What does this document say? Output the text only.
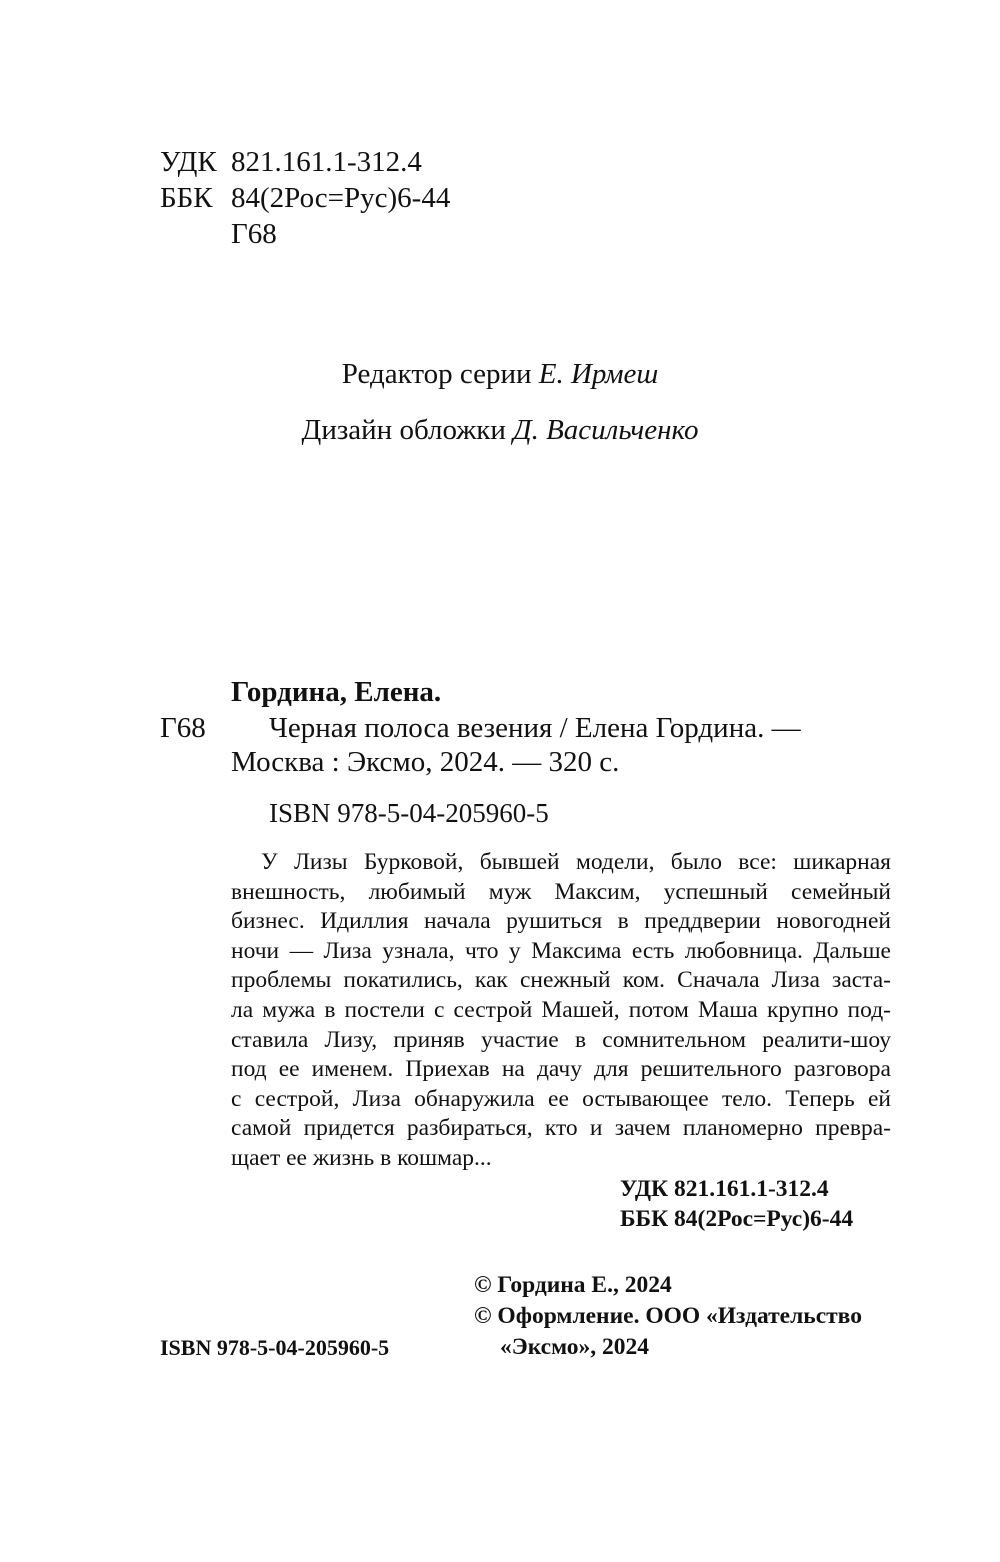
УДК 821.161.1-312.4
ББК 84(2Рос=Рус)6-44
Г68
Редактор серии Е. Ирмеш
Дизайн обложки Д. Васильченко
Гордина, Елена.
Г68 Черная полоса везения / Елена Гордина. —
Москва : Эксмо, 2024. — 320 с.
ISBN 978-5-04-205960-5
У Лизы Бурковой, бывшей модели, было все: шикарная
внешность, любимый муж Максим, успешный семейный
бизнес. Идиллия начала рушиться в преддверии новогодней
ночи — Лиза узнала, что у Максима есть любовница. Дальше
проблемы покатились, как снежный ком. Сначала Лиза заста-
ла мужа в постели с сестрой Машей, потом Маша крупно под-
ставила Лизу, приняв участие в сомнительном реалити-шоу
под ее именем. Приехав на дачу для решительного разговора
с сестрой, Лиза обнаружила ее остывающее тело. Теперь ей
самой придется разбираться, кто и зачем планомерно превра-
щает ее жизнь в кошмар...
УДК 821.161.1-312.4
ББК 84(2Рос=Рус)6-44
© Гордина Е., 2024
© Оформление. ООО «Издательство
«Эксмо», 2024
ISBN 978-5-04-205960-5
